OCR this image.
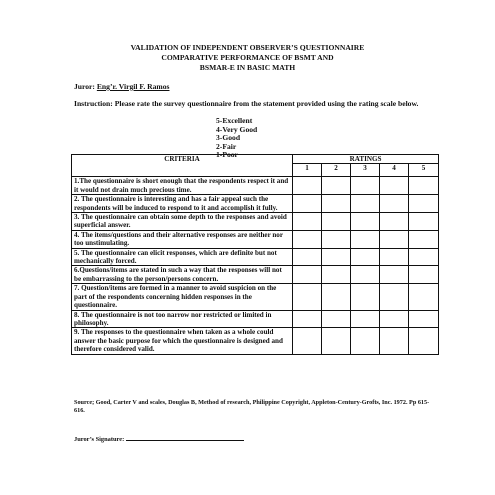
VALIDATION OF INDEPENDENT OBSERVER’S QUESTIONNAIRE
COMPARATIVE PERFORMANCE OF BSMT AND
BSMAR-E IN BASIC MATH
Juror: Eng’r. Virgil F. Ramos
Instruction: Please rate the survey questionnaire from the statement provided using the rating scale below.
5-Excellent
4-Very Good
3-Good
2-Fair
1-Poor
CRITERIA	RATINGS				
	1	2	3	4	5
1.The questionnaire is short enough that the respondents respect it and it would not drain much precious time.					
2. The questionnaire is interesting and has a fair appeal such the respondents will be induced to respond to it and accomplish it fully.					
3. The questionnaire can obtain some depth to the responses and avoid superficial answer.					
4. The items/questions and their alternative responses are neither nor too unstimulating.					
5. The questionnaire can elicit responses, which are definite but not mechanically forced.					
6.Questions/items are stated in such a way that the responses will not be embarrassing to the person/persons concern.					
7. Question/items are formed in a manner to avoid suspicion on the part of the respondents concerning hidden responses in the questionnaire.					
8. The questionnaire is not too narrow nor restricted or limited in philosophy.					
9. The responses to the questionnaire when taken as a whole could answer the basic purpose for which the questionnaire is designed and therefore considered valid.					
Source; Good, Carter V and scales, Douglas B, Method of research, Philippine Copyright, Appleton-Century-Grofts, Inc. 1972. Pp 615-616.
Juror’s Signature:
